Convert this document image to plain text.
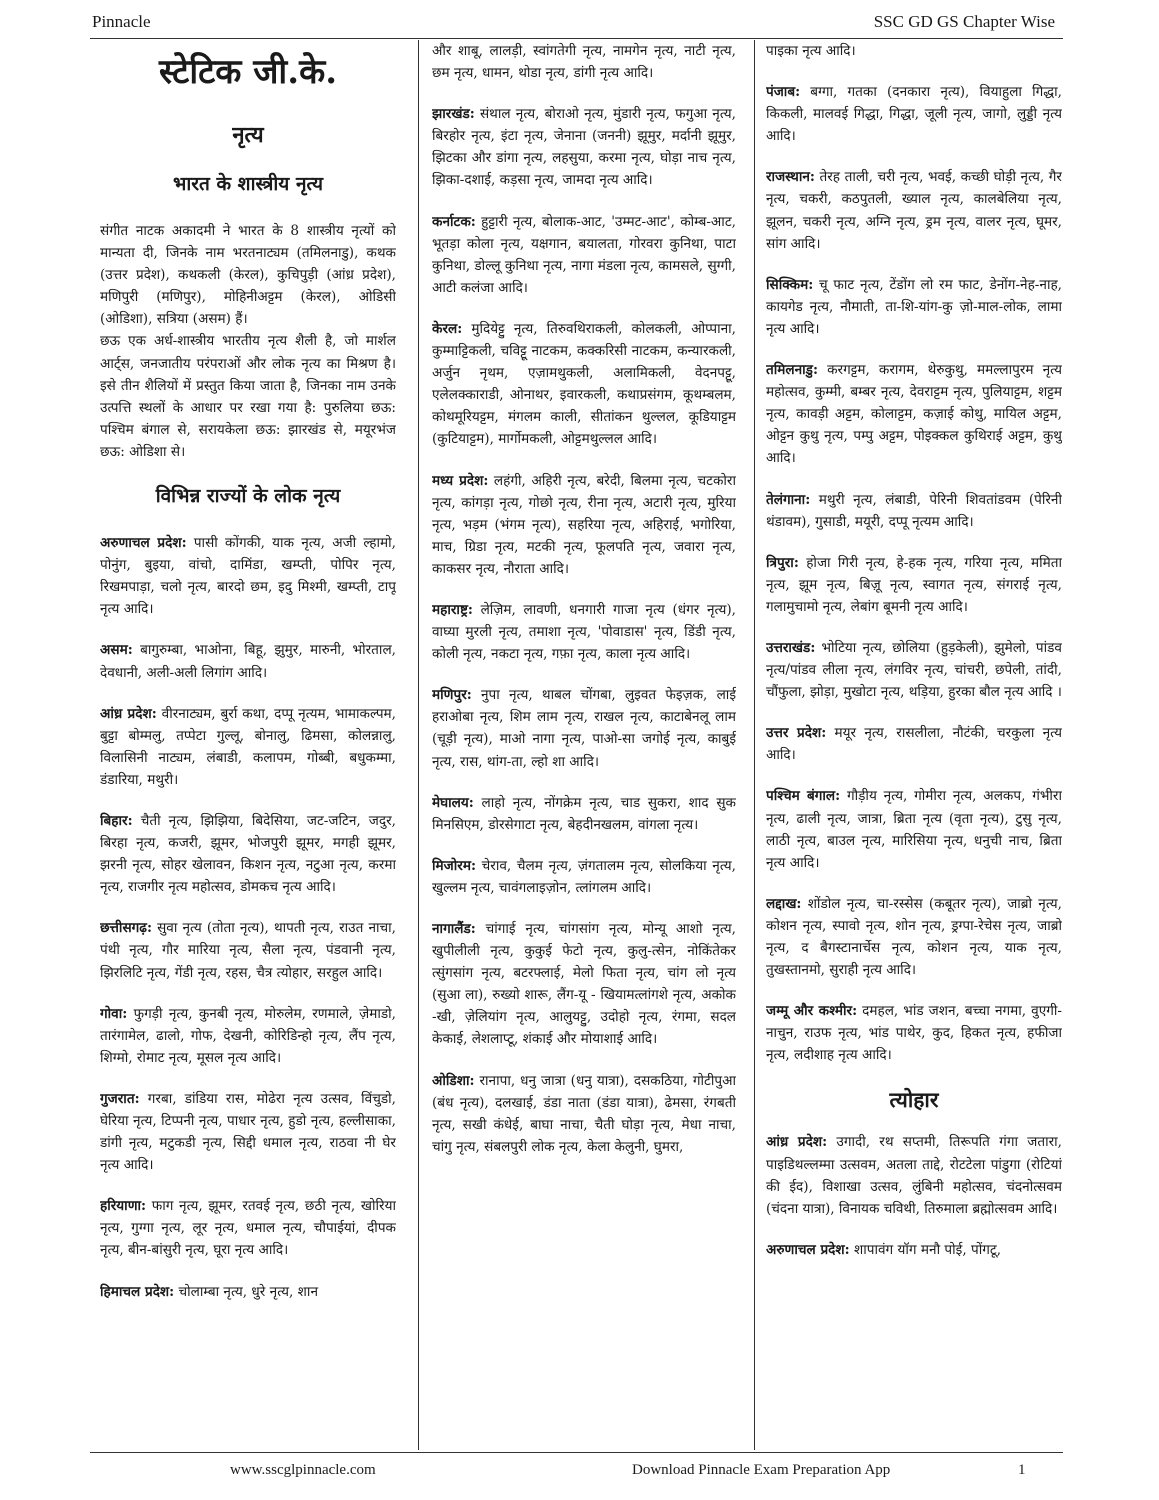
Pinnacle	SSC GD GS Chapter Wise
स्टेटिक जी.के.
नृत्य
भारत के शास्त्रीय नृत्य

संगीत नाटक अकादमी ने भारत के 8 शास्त्रीय नृत्यों को मान्यता दी, जिनके नाम भरतनाट्यम (तमिलनाडु), कथक (उत्तर प्रदेश), कथकली (केरल), कुचिपुड़ी (आंध्र प्रदेश), मणिपुरी (मणिपुर), मोहिनीअट्टम (केरल), ओडिसी (ओडिशा), सत्रिया (असम) हैं।

छऊ एक अर्ध-शास्त्रीय भारतीय नृत्य शैली है, जो मार्शल आर्ट्स, जनजातीय परंपराओं और लोक नृत्य का मिश्रण है। इसे तीन शैलियों में प्रस्तुत किया जाता है, जिनका नाम उनके उत्पत्ति स्थलों के आधार पर रखा गया है: पुरुलिया छऊ: पश्चिम बंगाल से, सरायकेला छऊ: झारखंड से, मयूरभंज छऊ: ओडिशा से।

विभिन्न राज्यों के लोक नृत्य

अरुणाचल प्रदेश: पासी कोंगकी, याक नृत्य, अजी ल्हामो, पोनुंग, बुइया, वांचो, दामिंडा, खम्प्ती, पोपिर नृत्य, रिखमपाड़ा, चलो नृत्य, बारदो छम, इदु मिश्मी, खम्प्ती, टापू नृत्य आदि।

असम: बागुरुम्बा, भाओना, बिहू, झुमुर, मारुनी, भोरताल, देवधानी, अली-अली लिगांग आदि।

आंध्र प्रदेश: वीरनाट्यम, बुर्रा कथा, दप्पू नृत्यम, भामाकल्पम, बुट्टा बोम्मलु, तप्पेटा गुल्लू, बोनालु, ढिमसा, कोलन्नालु, विलासिनी नाट्यम, लंबाडी, कलापम, गोब्बी, बधुकम्मा, डंडारिया, मथुरी।

बिहार: चैती नृत्य, झिझिया, बिदेसिया, जट-जटिन, जदुर, बिरहा नृत्य, कजरी, झूमर, भोजपुरी झूमर, मगही झूमर, झरनी नृत्य, सोहर खेलावन, किशन नृत्य, नटुआ नृत्य, करमा नृत्य, राजगीर नृत्य महोत्सव, डोमकच नृत्य आदि।

छत्तीसगढ़: सुवा नृत्य (तोता नृत्य), थापती नृत्य, राउत नाचा, पंथी नृत्य, गौर मारिया नृत्य, सैला नृत्य, पंडवानी नृत्य, झिरलिटि नृत्य, गेंडी नृत्य, रहस, चैत्र त्योहार, सरहुल आदि।

गोवा: फुगड़ी नृत्य, कुनबी नृत्य, मोरुलेम, रणमाले, ज़ेमाडो, तारंगामेल, ढालो, गोफ, देखनी, कोरिडिन्हो नृत्य, लैंप नृत्य, शिग्मो, रोमाट नृत्य, मूसल नृत्य आदि।

गुजरात: गरबा, डांडिया रास, मोढेरा नृत्य उत्सव, विंचुडो, घेरिया नृत्य, टिप्पनी नृत्य, पाधार नृत्य, हुडो नृत्य, हल्लीसाका, डांगी नृत्य, मटुकडी नृत्य, सिद्दी धमाल नृत्य, राठवा नी घेर नृत्य आदि।

हरियाणा: फाग नृत्य, झूमर, रतवई नृत्य, छठी नृत्य, खोरिया नृत्य, गुग्गा नृत्य, लूर नृत्य, धमाल नृत्य, चौपाईयां, दीपक नृत्य, बीन-बांसुरी नृत्य, घूरा नृत्य आदि।

हिमाचल प्रदेश: चोलाम्बा नृत्य, धुरे नृत्य, शान

और शाबू, लालड़ी, स्वांगतेगी नृत्य, नामगेन नृत्य, नाटी नृत्य, छम नृत्य, धामन, थोडा नृत्य, डांगी नृत्य आदि।

झारखंड: संथाल नृत्य, बोराओ नृत्य, मुंडारी नृत्य, फगुआ नृत्य, बिरहोर नृत्य, इंटा नृत्य, जेनाना (जननी) झूमुर, मर्दानी झूमुर, झिटका और डांगा नृत्य, लहसुया, करमा नृत्य, घोड़ा नाच नृत्य, झिका-दशाई, कड़सा नृत्य, जामदा नृत्य आदि।

कर्नाटक: हुट्टारी नृत्य, बोलाक-आट, 'उम्मट-आट', कोम्ब-आट, भूतड़ा कोला नृत्य, यक्षगान, बयालता, गोरवरा कुनिथा, पाटा कुनिथा, डोल्लू कुनिथा नृत्य, नागा मंडला नृत्य, कामसले, सुग्गी, आटी कलंजा आदि।

केरल: मुदियेट्टु नृत्य, तिरुवथिराकली, कोलकली, ओप्पाना, कुम्माट्टिकली, चविट्टू नाटकम, कक्करिसी नाटकम, कन्यारकली, अर्जुन नृथम, एज़ामथुकली, अलामिकली, वेदनपट्टू, एलेलक्काराडी, ओनाथर, इवारकली, कथाप्रसंगम, कूथम्बलम, कोथमूरियट्टम, मंगलम काली, सीतांकन थुल्लल, कूडियाट्टम (कुटियाट्टम), मार्गोमकली, ओट्टमथुल्लल आदि।

मध्य प्रदेश: लहंगी, अहिरी नृत्य, बरेदी, बिलमा नृत्य, चटकोरा नृत्य, कांगड़ा नृत्य, गोछो नृत्य, रीना नृत्य, अटारी नृत्य, मुरिया नृत्य, भड़म (भंगम नृत्य), सहरिया नृत्य, अहिराई, भगोरिया, माच, ग्रिडा नृत्य, मटकी नृत्य, फूलपति नृत्य, जवारा नृत्य, काकसर नृत्य, नौराता आदि।

महाराष्ट्र: लेज़िम, लावणी, धनगारी गाजा नृत्य (धंगर नृत्य), वाघ्या मुरली नृत्य, तमाशा नृत्य, 'पोवाडास' नृत्य, डिंडी नृत्य, कोली नृत्य, नकटा नृत्य, गफ़ा नृत्य, काला नृत्य आदि।

मणिपुर: नुपा नृत्य, थाबल चोंगबा, लुइवत फेइज़क, लाई हराओबा नृत्य, शिम लाम नृत्य, राखल नृत्य, काटाबेनलू लाम (चूड़ी नृत्य), माओ नागा नृत्य, पाओ-सा जगोई नृत्य, काबुई नृत्य, रास, थांग-ता, ल्हो शा आदि।

मेघालय: लाहो नृत्य, नोंगक्रेम नृत्य, चाड सुकरा, शाद सुक मिनसिएम, डोरसेगाटा नृत्य, बेहदीनखलम, वांगला नृत्य।

मिजोरम: चेराव, चैलम नृत्य, ज़ंगतालम नृत्य, सोलकिया नृत्य, खुल्लम नृत्य, चावंगलाइज़ोन, त्लांगलम आदि।

नागालैंड: चांगाई नृत्य, चांगसांग नृत्य, मोन्यू आशो नृत्य, खुपीलीली नृत्य, कुकुई फेटो नृत्य, कुलु-त्सेन, नोकिंतेकर त्सुंगसांग नृत्य, बटरफ्लाई, मेलो फिता नृत्य, चांग लो नृत्य (सुआ ला), रुख्यो शारू, लैंग-यू - खियामत्लांगशे नृत्य, अकोक -खी, ज़ेलियांग नृत्य, आलुयट्टु, उदोहो नृत्य, रंगमा, सदल केकाई, लेशलाप्टू, शंकाई और मोयाशाई आदि।

ओडिशा: रानापा, धनु जात्रा (धनु यात्रा), दसकठिया, गोटीपुआ (बंध नृत्य), दलखाई, डंडा नाता (डंडा यात्रा), ढेमसा, रंगबती नृत्य, सखी कंधेई, बाघा नाचा, चैती घोड़ा नृत्य, मेधा नाचा, चांगु नृत्य, संबलपुरी लोक नृत्य, केला केलुनी, घुमरा,

पाइका नृत्य आदि।

पंजाब: बग्गा, गतका (दनकारा नृत्य), वियाहुला गिद्धा, किकली, मालवई गिद्धा, गिद्धा, जूली नृत्य, जागो, लुड्डी नृत्य आदि।

राजस्थान: तेरह ताली, चरी नृत्य, भवई, कच्छी घोड़ी नृत्य, गैर नृत्य, चकरी, कठपुतली, ख्याल नृत्य, कालबेलिया नृत्य, झूलन, चकरी नृत्य, अग्नि नृत्य, ड्रम नृत्य, वालर नृत्य, घूमर, सांग आदि।

सिक्किम: चू फाट नृत्य, टेंडोंग लो रम फाट, डेनोंग-नेह-नाह, कायगेड नृत्य, नौमाती, ता-शि-यांग-कु ज़ो-माल-लोक, लामा नृत्य आदि।

तमिलनाडु: करगट्टम, करागम, थेरुकुथु, ममल्लापुरम नृत्य महोत्सव, कुम्मी, बम्बर नृत्य, देवराट्टम नृत्य, पुलियाट्टम, शट्टम नृत्य, कावड़ी अट्टम, कोलाट्टम, कज़ाई कोथु, मायिल अट्टम, ओट्टन कुथु नृत्य, पम्पु अट्टम, पोइक्कल कुथिराई अट्टम, कुथु आदि।

तेलंगाना: मथुरी नृत्य, लंबाडी, पेरिनी शिवतांडवम (पेरिनी थंडावम), गुसाडी, मयूरी, दप्पू नृत्यम आदि।

त्रिपुरा: होजा गिरी नृत्य, हे-हक नृत्य, गरिया नृत्य, ममिता नृत्य, झूम नृत्य, बिज़ू नृत्य, स्वागत नृत्य, संगराई नृत्य, गलामुचामो नृत्य, लेबांग बूमनी नृत्य आदि।

उत्तराखंड: भोटिया नृत्य, छोलिया (हुड़केली), झुमेलो, पांडव नृत्य/पांडव लीला नृत्य, लंगविर नृत्य, चांचरी, छपेली, तांदी, चौंफुला, झोड़ा, मुखोटा नृत्य, थड़िया, हुरका बौल नृत्य आदि ।

उत्तर प्रदेश: मयूर नृत्य, रासलीला, नौटंकी, चरकुला नृत्य आदि।

पश्चिम बंगाल: गौड़ीय नृत्य, गोमीरा नृत्य, अलकप, गंभीरा नृत्य, ढाली नृत्य, जात्रा, ब्रिता नृत्य (वृता नृत्य), टुसु नृत्य, लाठी नृत्य, बाउल नृत्य, मारिसिया नृत्य, धनुची नाच, ब्रिता नृत्य आदि।

लद्दाख: शोंडोल नृत्य, चा-रस्सेस (कबूतर नृत्य), जाब्रो नृत्य, कोशन नृत्य, स्पावो नृत्य, शोन नृत्य, ड्रग्पा-रेचेस नृत्य, जाब्रो नृत्य, द बैगस्टानार्चेस नृत्य, कोशन नृत्य, याक नृत्य, तुखस्तानमो, सुराही नृत्य आदि।

जम्मू और कश्मीर: दमहल, भांड जशन, बच्चा नगमा, वुएगी-नाचुन, राउफ नृत्य, भांड पाथेर, कुद, हिकत नृत्य, हफीजा नृत्य, लदीशाह नृत्य आदि।

त्योहार

आंध्र प्रदेश: उगादी, रथ सप्तमी, तिरूपति गंगा जतारा, पाइडिथल्लम्मा उत्सवम, अतला ताद्दे, रोटटेला पांडुगा (रोटियां की ईद), विशाखा उत्सव, लुंबिनी महोत्सव, चंदनोत्सवम (चंदना यात्रा), विनायक चविथी, तिरुमाला ब्रह्मोत्सवम आदि।

अरुणाचल प्रदेश: शापावंग यॉग मनौ पोई, पोंगटू,

www.sscglpinnacle.com	Download Pinnacle Exam Preparation App	1
